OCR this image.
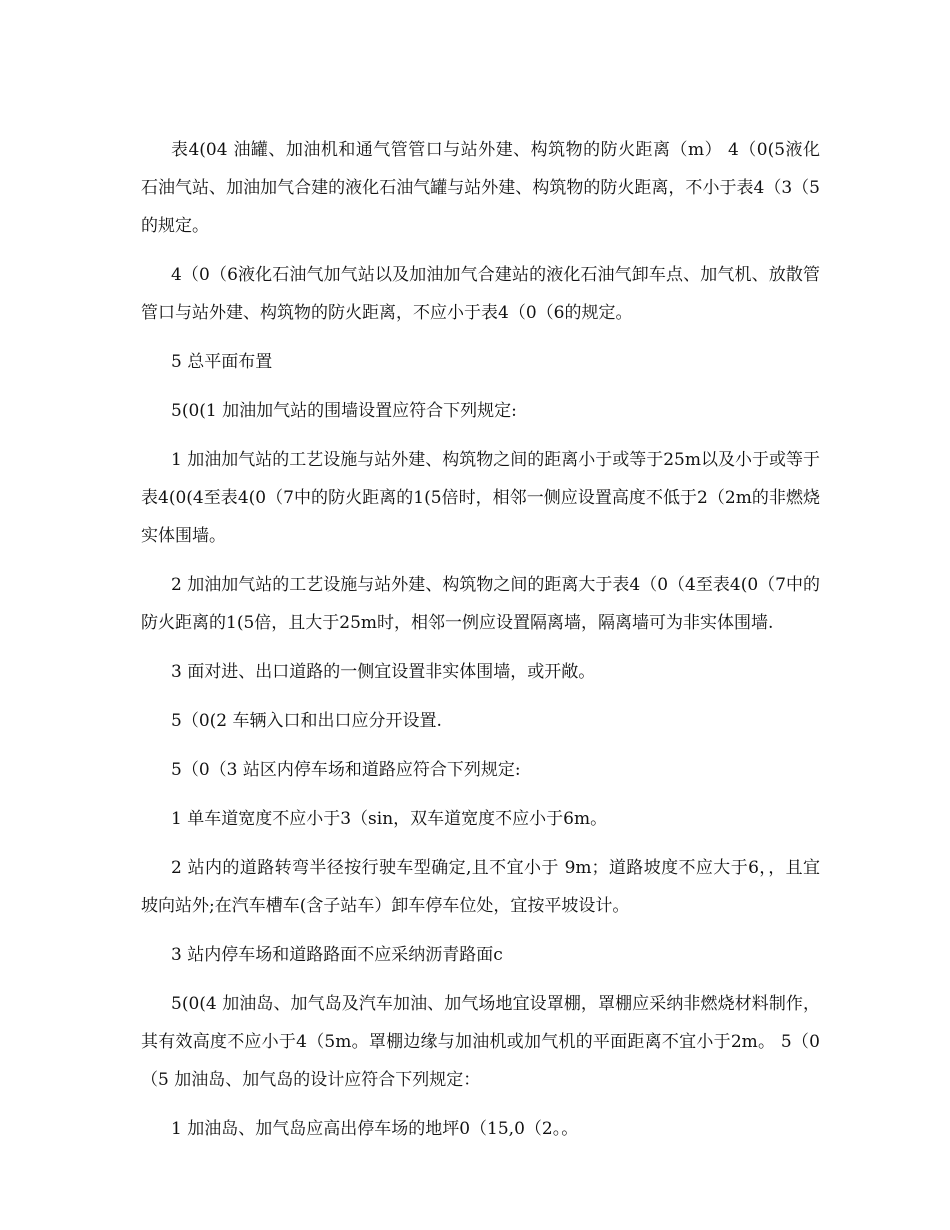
表4(04 油罐、加油机和通气管管口与站外建、构筑物的防火距离（m） 4（0(5液化石油气站、加油加气合建的液化石油气罐与站外建、构筑物的防火距离，不小于表4（3（5的规定。

4（0（6液化石油气加气站以及加油加气合建站的液化石油气卸车点、加气机、放散管管口与站外建、构筑物的防火距离，不应小于表4（0（6的规定。

5 总平面布置

5(0(1 加油加气站的围墙设置应符合下列规定:

1 加油加气站的工艺设施与站外建、构筑物之间的距离小于或等于25m以及小于或等于表4(0(4至表4(0（7中的防火距离的1(5倍时，相邻一侧应设置高度不低于2（2m的非燃烧实体围墙。

2 加油加气站的工艺设施与站外建、构筑物之间的距离大于表4（0（4至表4(0（7中的防火距离的1(5倍，且大于25m时，相邻一例应设置隔离墙，隔离墙可为非实体围墙.

3 面对进、出口道路的一侧宜设置非实体围墙，或开敞。

5（0(2 车辆入口和出口应分开设置.

5（0（3 站区内停车场和道路应符合下列规定:

1 单车道宽度不应小于3（sin，双车道宽度不应小于6m。

2 站内的道路转弯半径按行驶车型确定,且不宜小于 9m；道路坡度不应大于6，，且宜坡向站外;在汽车槽车(含子站车）卸车停车位处，宜按平坡设计。

3 站内停车场和道路路面不应采纳沥青路面c

5(0(4 加油岛、加气岛及汽车加油、加气场地宜设罩棚，罩棚应采纳非燃烧材料制作，其有效高度不应小于4（5m。罩棚边缘与加油机或加气机的平面距离不宜小于2m。 5（0（5 加油岛、加气岛的设计应符合下列规定：

1 加油岛、加气岛应高出停车场的地坪0（15,0（2。。
